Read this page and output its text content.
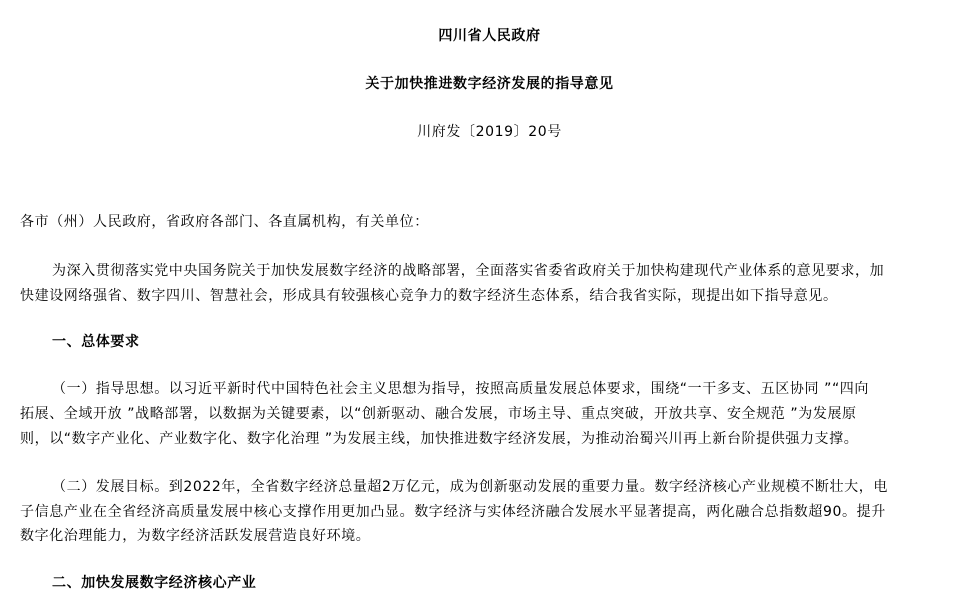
四川省人民政府
关于加快推进数字经济发展的指导意见
川府发〔2019〕20号
各市（州）人民政府，省政府各部门、各直属机构，有关单位：
为深入贯彻落实党中央国务院关于加快发展数字经济的战略部署，全面落实省委省政府关于加快构建现代产业体系的意见要求，加
快建设网络强省、数字四川、智慧社会，形成具有较强核心竞争力的数字经济生态体系，结合我省实际，现提出如下指导意见。
一、总体要求
（一）指导思想。以习近平新时代中国特色社会主义思想为指导，按照高质量发展总体要求，围绕“一干多支、五区协同 ”“四向
拓展、全域开放 ”战略部署，以数据为关键要素，以“创新驱动、融合发展，市场主导、重点突破，开放共享、安全规范 ”为发展原
则，以“数字产业化、产业数字化、数字化治理 ”为发展主线，加快推进数字经济发展，为推动治蜀兴川再上新台阶提供强力支撑。
（二）发展目标。到2022年，全省数字经济总量超2万亿元，成为创新驱动发展的重要力量。数字经济核心产业规模不断壮大，电
子信息产业在全省经济高质量发展中核心支撑作用更加凸显。数字经济与实体经济融合发展水平显著提高，两化融合总指数超90。提升
数字化治理能力，为数字经济活跃发展营造良好环境。
二、加快发展数字经济核心产业
